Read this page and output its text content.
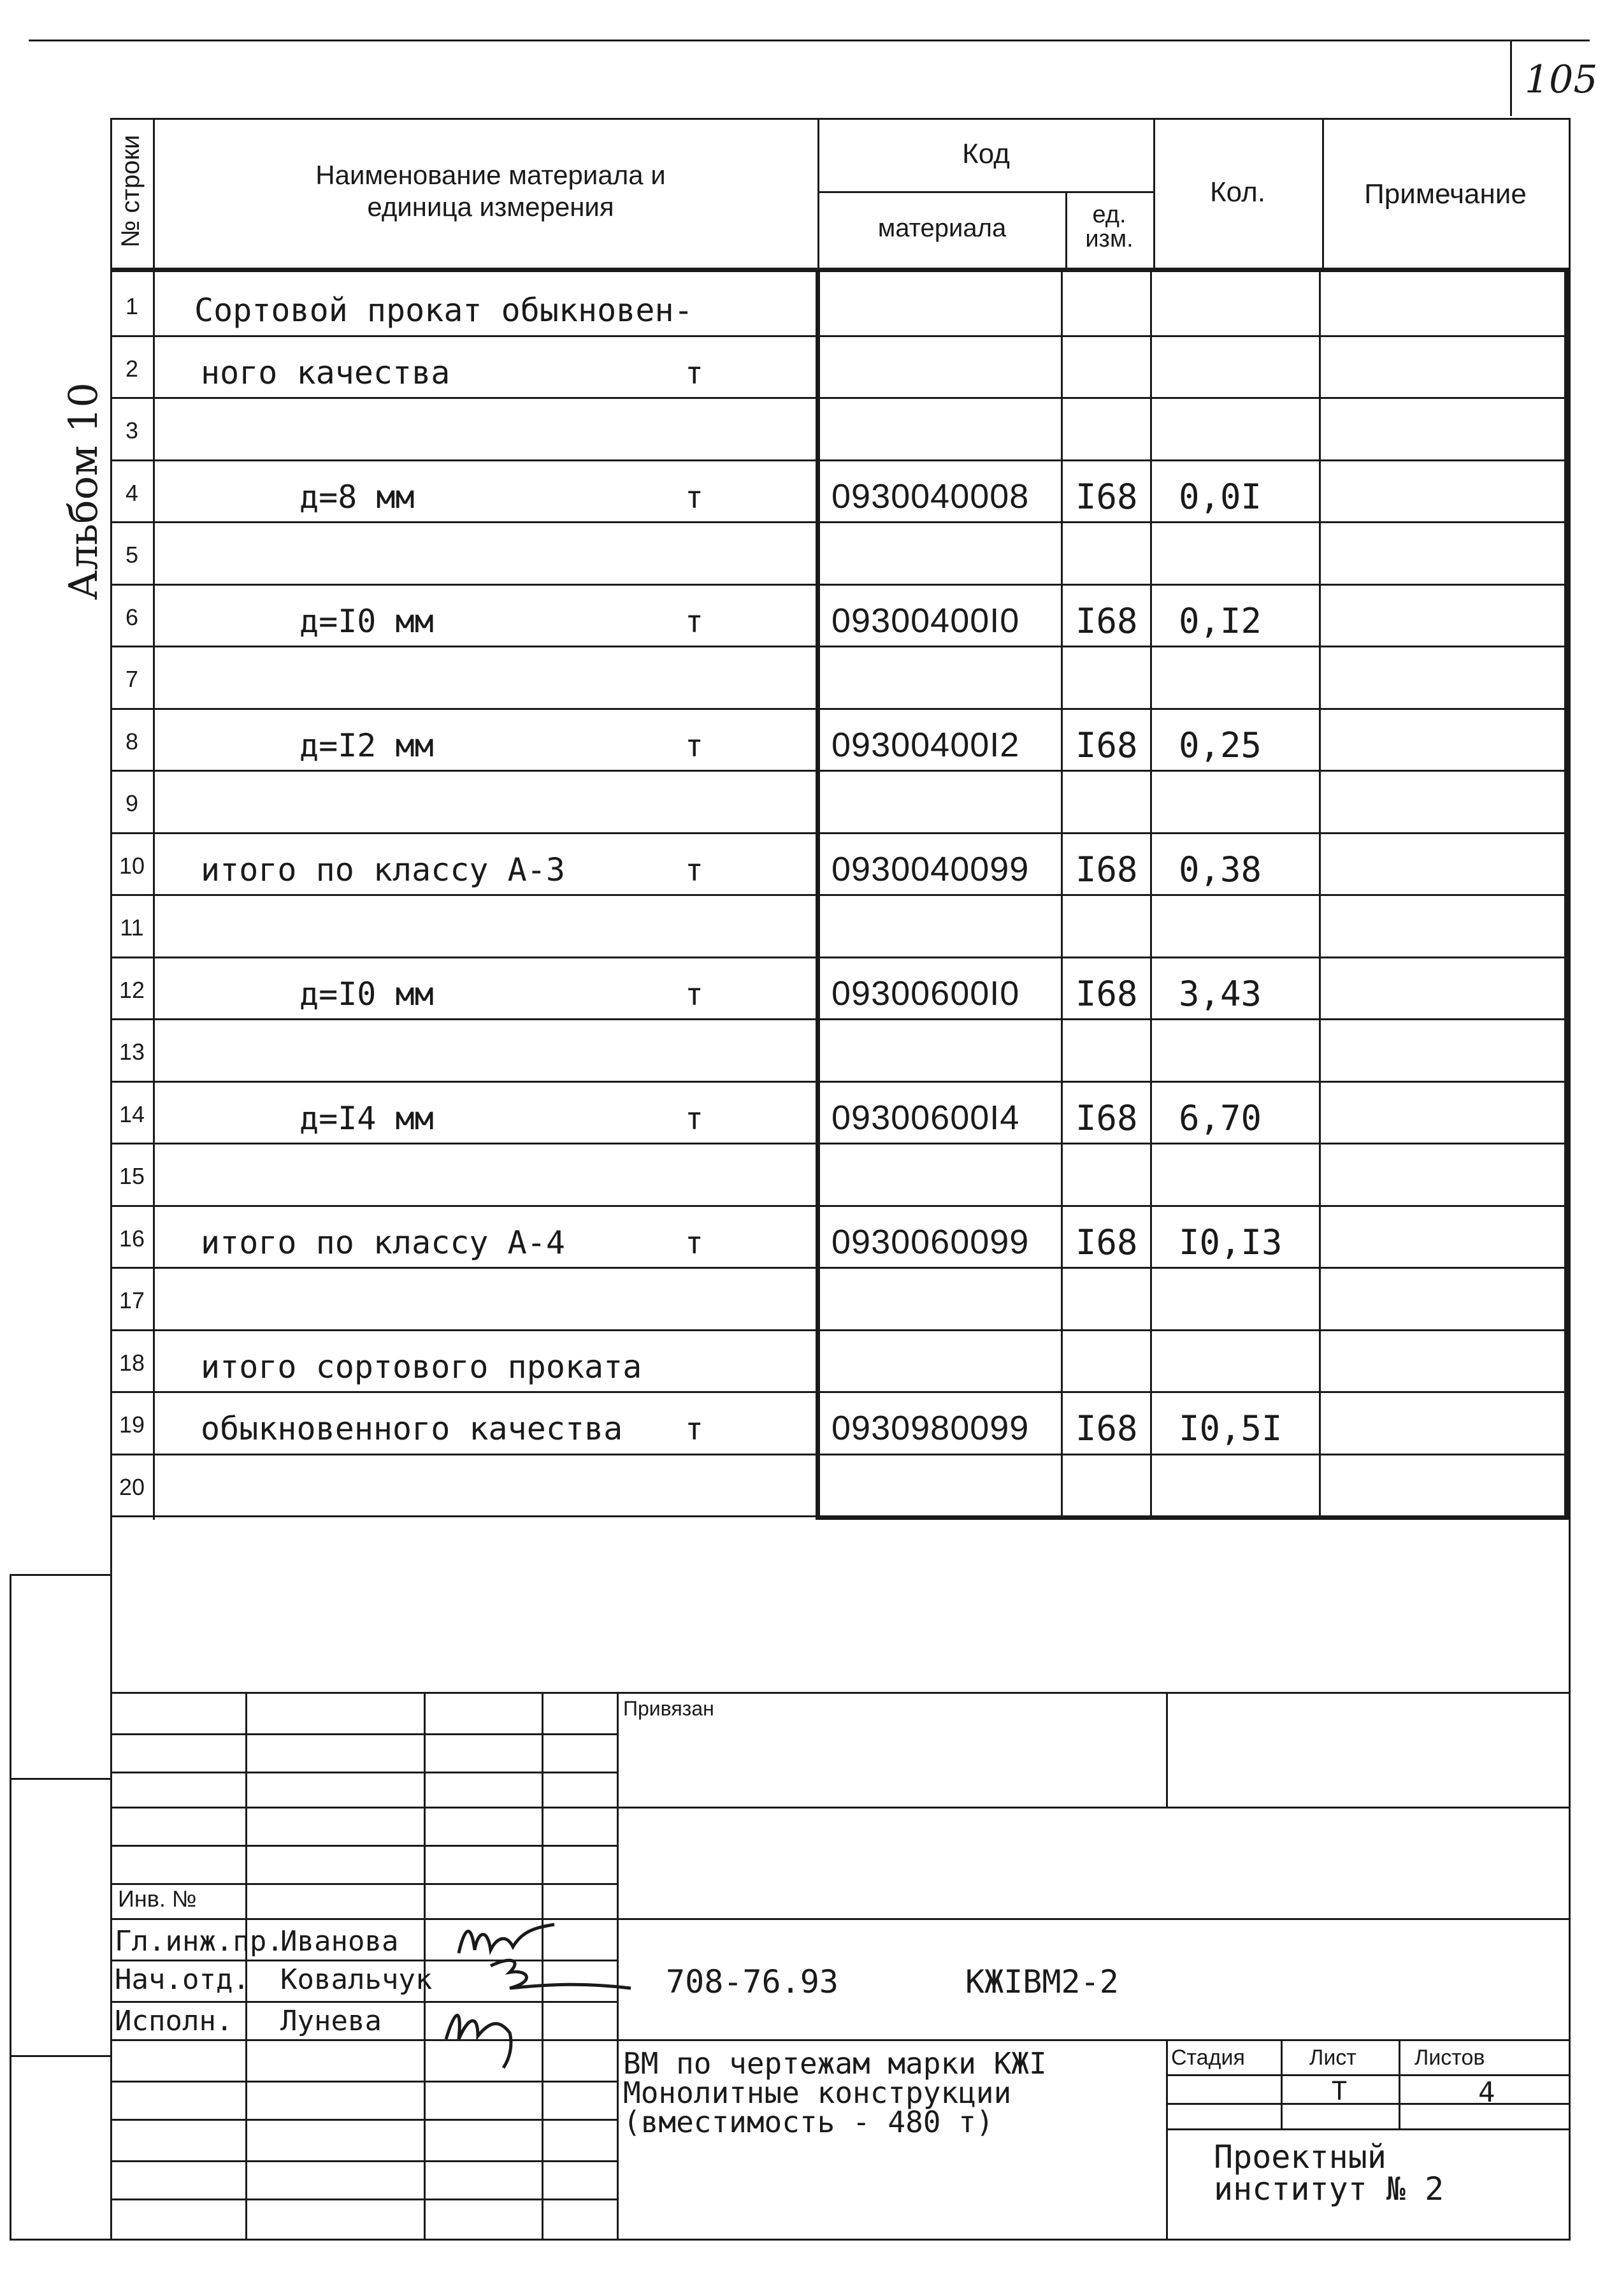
105
Альбом 10
№ строки	Наименование материала и
единица измерения
Код
материала	ед.
изм.
Кол.	Примечание
1	Сортовой прокат обыкновен-
2	ного качества	т
3
4	д=8 мм	т	0930040008 I68 0,0I
5
6	д=I0 мм	т	09300400I0 I68 0,I2
7
8	д=I2 мм	т	09300400I2 I68 0,25
9
10 итого по классу А-3	т	0930040099 I68 0,38
11
12	д=I0 мм	т	09300600I0 I68 3,43
13
14	д=I4 мм	т	09300600I4 I68 6,70
15
16 итого по классу А-4	т	0930060099 I68 I0,I3
17
18 итого сортового проката
19 обыкновенного качества т	0930980099 I68 I0,5I
20
Инв. №
Привязан
Гл.инж.пр.
Иванова
Нач.отд. Ковальчук
Исполн. Лунева
708-76.93	КЖIВМ2-2
ВМ по чертежам марки КЖI
Монолитные конструкции
(вместимость - 480 т)
Стадия	Лист	Листов
Т	4
Проектный
институт № 2
